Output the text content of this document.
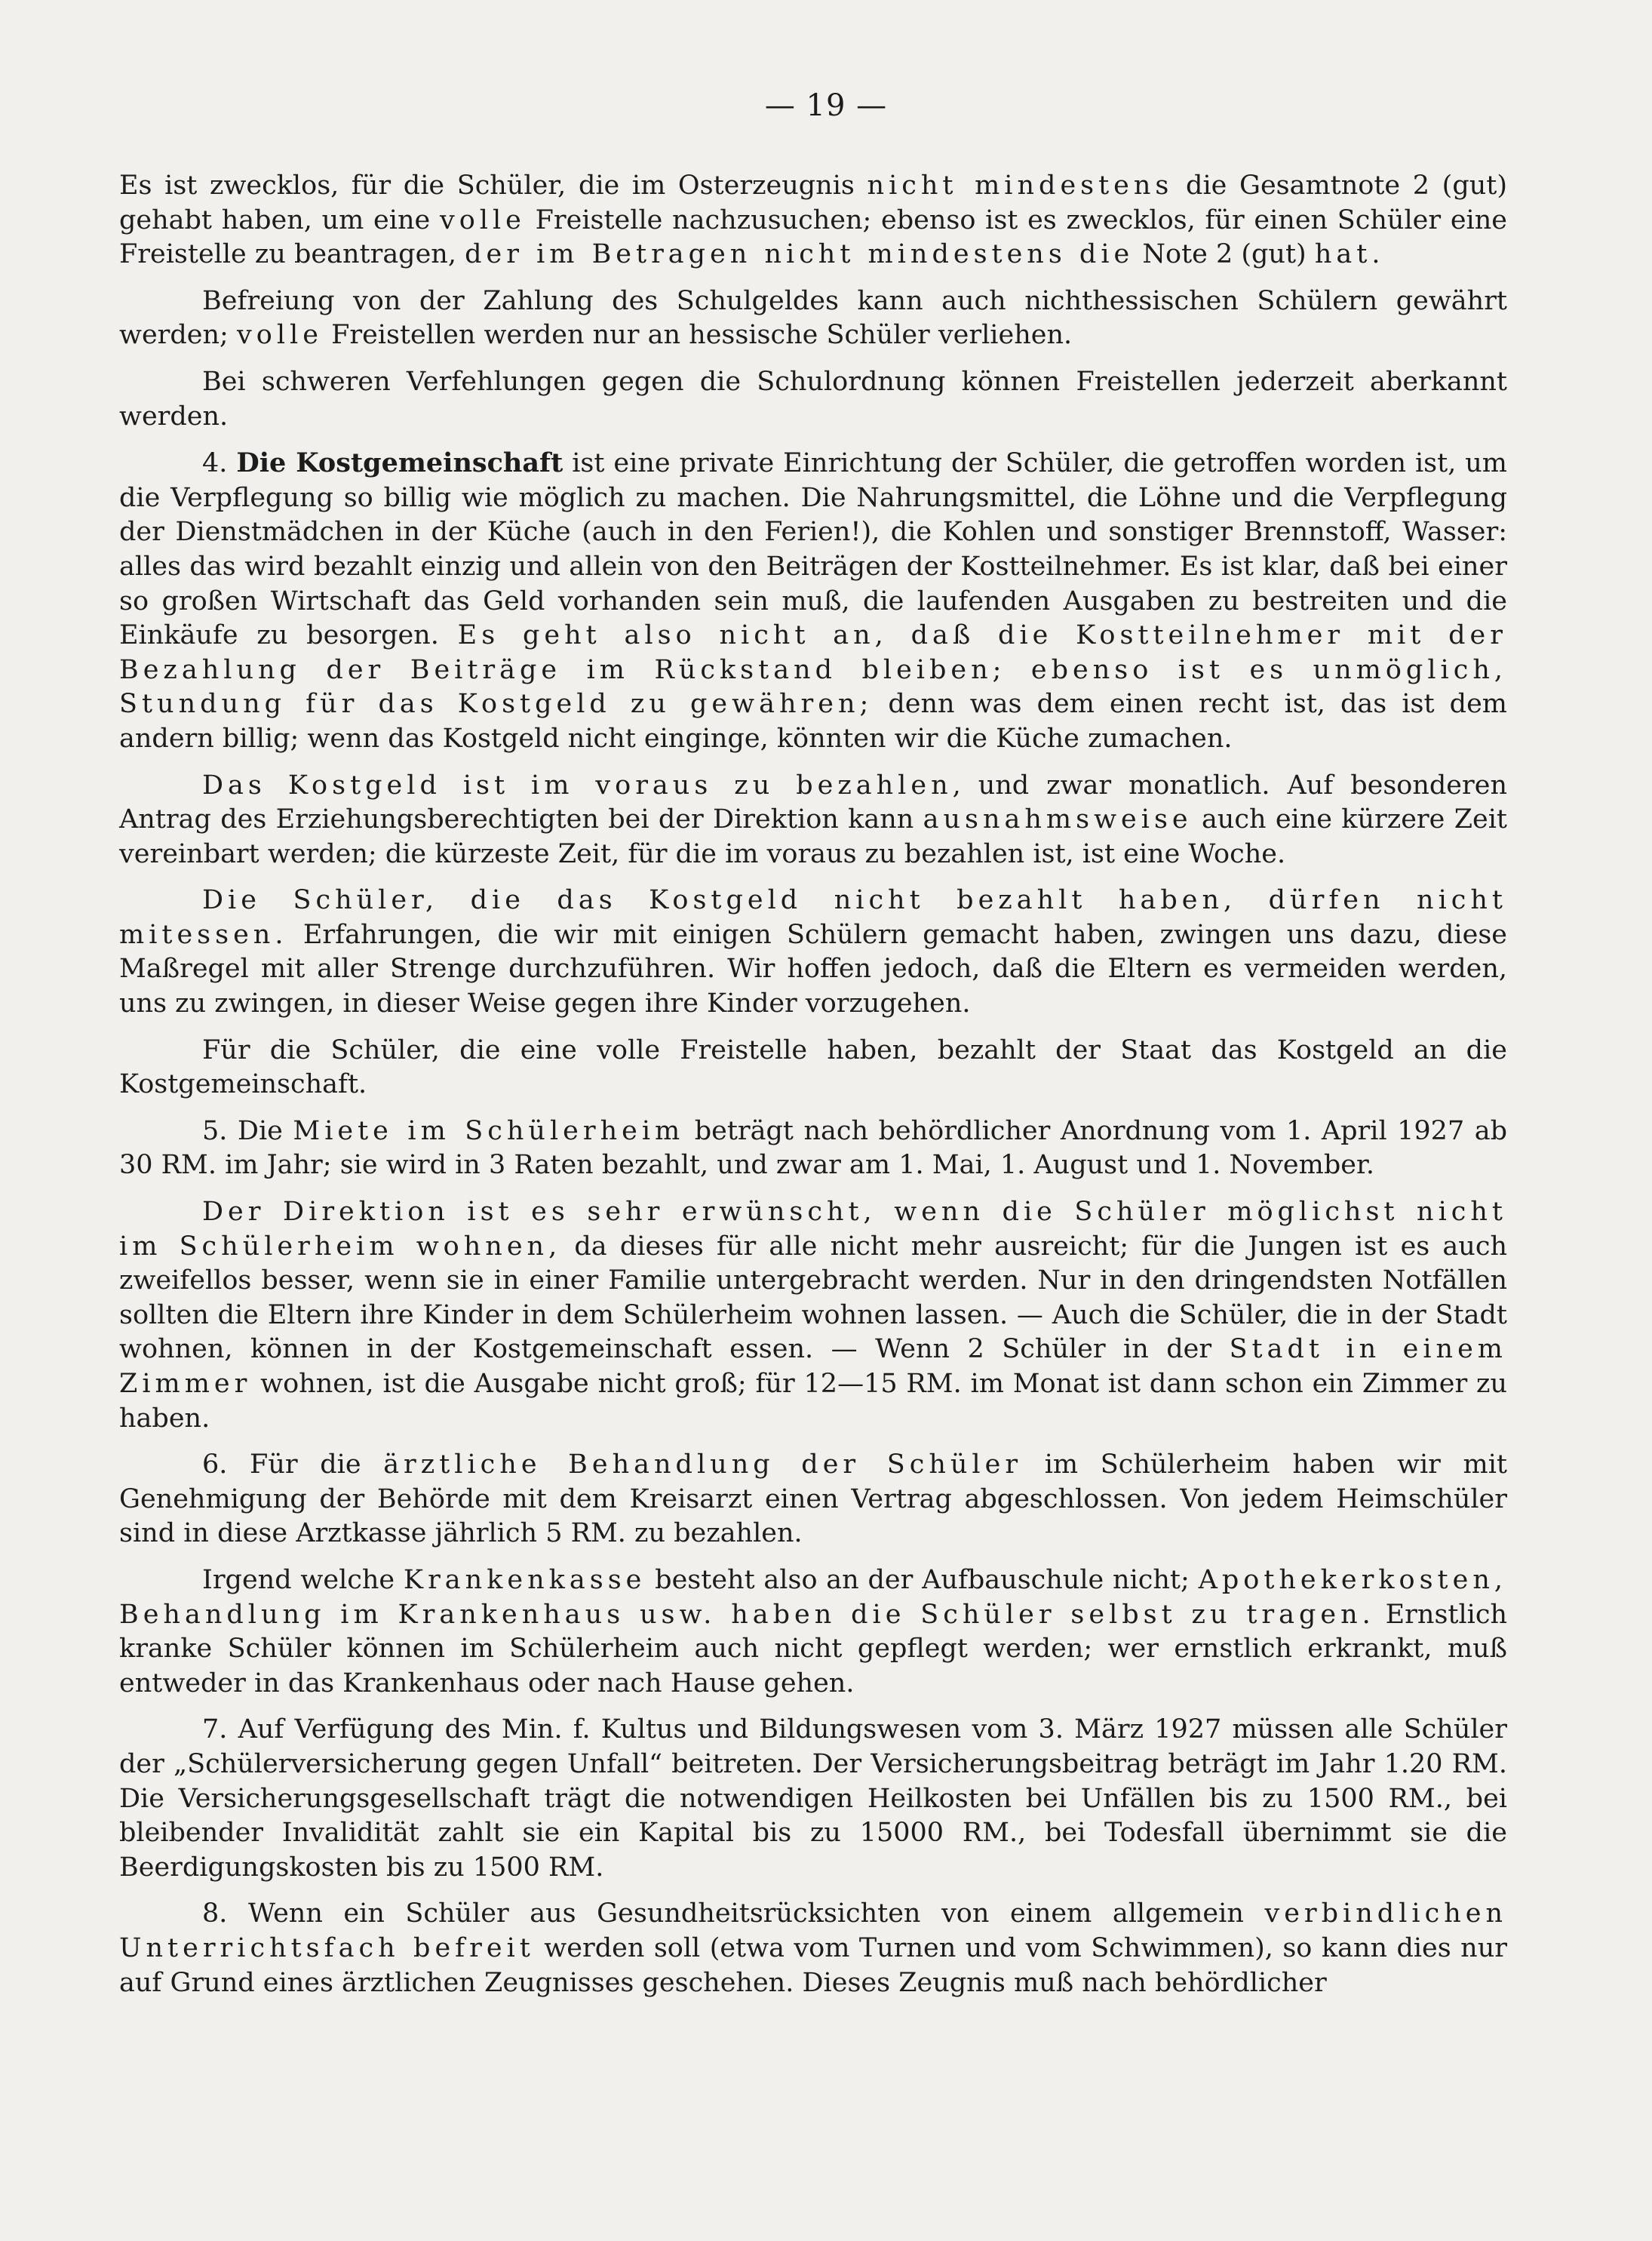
— 19 —

Es ist zwecklos, für die Schüler, die im Osterzeugnis nicht mindestens die Gesamtnote 2 (gut) gehabt haben, um eine volle Freistelle nachzusuchen; ebenso ist es zwecklos, für einen Schüler eine Freistelle zu beantragen, der im Betragen nicht mindestens die Note 2 (gut) hat.

Befreiung von der Zahlung des Schulgeldes kann auch nichthessischen Schülern gewährt werden; volle Freistellen werden nur an hessische Schüler verliehen.

Bei schweren Verfehlungen gegen die Schulordnung können Freistellen jederzeit aberkannt werden.

4. Die Kostgemeinschaft ist eine private Einrichtung der Schüler, die getroffen worden ist, um die Verpflegung so billig wie möglich zu machen. Die Nahrungsmittel, die Löhne und die Verpflegung der Dienstmädchen in der Küche (auch in den Ferien!), die Kohlen und sonstiger Brennstoff, Wasser: alles das wird bezahlt einzig und allein von den Beiträgen der Kostteilnehmer. Es ist klar, daß bei einer so großen Wirtschaft das Geld vorhanden sein muß, die laufenden Ausgaben zu bestreiten und die Einkäufe zu besorgen. Es geht also nicht an, daß die Kostteilnehmer mit der Bezahlung der Beiträge im Rückstand bleiben; ebenso ist es unmöglich, Stundung für das Kostgeld zu gewähren; denn was dem einen recht ist, das ist dem andern billig; wenn das Kostgeld nicht einginge, könnten wir die Küche zumachen.

Das Kostgeld ist im voraus zu bezahlen, und zwar monatlich. Auf besonderen Antrag des Erziehungsberechtigten bei der Direktion kann ausnahmsweise auch eine kürzere Zeit vereinbart werden; die kürzeste Zeit, für die im voraus zu bezahlen ist, ist eine Woche.

Die Schüler, die das Kostgeld nicht bezahlt haben, dürfen nicht mitessen. Erfahrungen, die wir mit einigen Schülern gemacht haben, zwingen uns dazu, diese Maßregel mit aller Strenge durchzuführen. Wir hoffen jedoch, daß die Eltern es vermeiden werden, uns zu zwingen, in dieser Weise gegen ihre Kinder vorzugehen.

Für die Schüler, die eine volle Freistelle haben, bezahlt der Staat das Kostgeld an die Kostgemeinschaft.

5. Die Miete im Schülerheim beträgt nach behördlicher Anordnung vom 1. April 1927 ab 30 RM. im Jahr; sie wird in 3 Raten bezahlt, und zwar am 1. Mai, 1. August und 1. November.

Der Direktion ist es sehr erwünscht, wenn die Schüler möglichst nicht im Schülerheim wohnen, da dieses für alle nicht mehr ausreicht; für die Jungen ist es auch zweifellos besser, wenn sie in einer Familie untergebracht werden. Nur in den dringendsten Notfällen sollten die Eltern ihre Kinder in dem Schülerheim wohnen lassen. — Auch die Schüler, die in der Stadt wohnen, können in der Kostgemeinschaft essen. — Wenn 2 Schüler in der Stadt in einem Zimmer wohnen, ist die Ausgabe nicht groß; für 12—15 RM. im Monat ist dann schon ein Zimmer zu haben.

6. Für die ärztliche Behandlung der Schüler im Schülerheim haben wir mit Genehmigung der Behörde mit dem Kreisarzt einen Vertrag abgeschlossen. Von jedem Heimschüler sind in diese Arztkasse jährlich 5 RM. zu bezahlen.

Irgend welche Krankenkasse besteht also an der Aufbauschule nicht; Apothekerkosten, Behandlung im Krankenhaus usw. haben die Schüler selbst zu tragen. Ernstlich kranke Schüler können im Schülerheim auch nicht gepflegt werden; wer ernstlich erkrankt, muß entweder in das Krankenhaus oder nach Hause gehen.

7. Auf Verfügung des Min. f. Kultus und Bildungswesen vom 3. März 1927 müssen alle Schüler der „Schülerversicherung gegen Unfall“ beitreten. Der Versicherungsbeitrag beträgt im Jahr 1.20 RM. Die Versicherungsgesellschaft trägt die notwendigen Heilkosten bei Unfällen bis zu 1500 RM., bei bleibender Invalidität zahlt sie ein Kapital bis zu 15000 RM., bei Todesfall übernimmt sie die Beerdigungskosten bis zu 1500 RM.

8. Wenn ein Schüler aus Gesundheitsrücksichten von einem allgemein verbindlichen Unterrichtsfach befreit werden soll (etwa vom Turnen und vom Schwimmen), so kann dies nur auf Grund eines ärztlichen Zeugnisses geschehen. Dieses Zeugnis muß nach behördlicher
